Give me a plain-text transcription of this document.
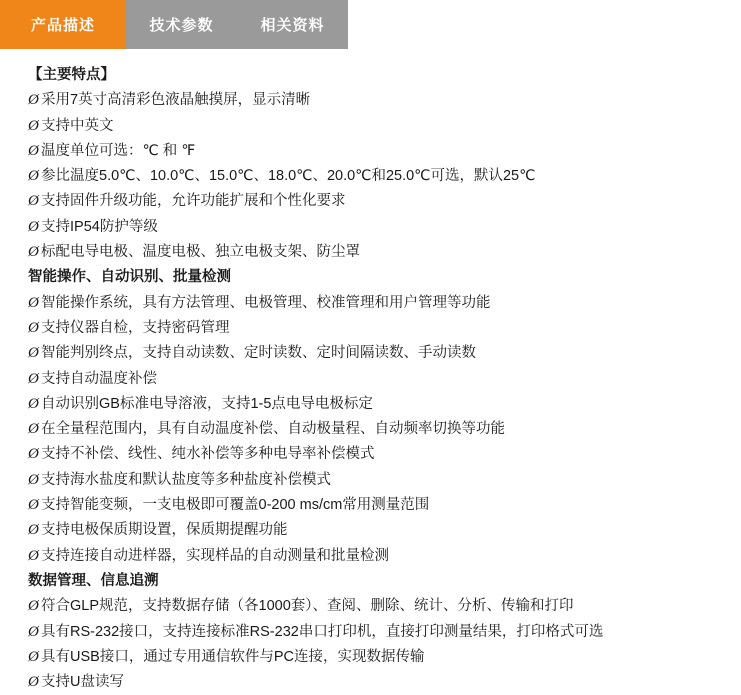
产品描述	技术参数	相关资料
【主要特点】
Ø 采用7英寸高清彩色液晶触摸屏，显示清晰
Ø 支持中英文
Ø 温度单位可选：℃ 和 ℉
Ø 参比温度5.0℃、10.0℃、15.0℃、18.0℃、20.0℃和25.0℃可选，默认25℃
Ø 支持固件升级功能，允许功能扩展和个性化要求
Ø 支持IP54防护等级
Ø 标配电导电极、温度电极、独立电极支架、防尘罩
智能操作、自动识别、批量检测
Ø 智能操作系统，具有方法管理、电极管理、校准管理和用户管理等功能
Ø 支持仪器自检，支持密码管理
Ø 智能判别终点，支持自动读数、定时读数、定时间隔读数、手动读数
Ø 支持自动温度补偿
Ø 自动识别GB标准电导溶液，支持1-5点电导电极标定
Ø 在全量程范围内，具有自动温度补偿、自动极量程、自动频率切换等功能
Ø 支持不补偿、线性、纯水补偿等多种电导率补偿模式
Ø 支持海水盐度和默认盐度等多种盐度补偿模式
Ø 支持智能变频，一支电极即可覆盖0-200 ms/cm常用测量范围
Ø 支持电极保质期设置，保质期提醒功能
Ø 支持连接自动进样器，实现样品的自动测量和批量检测
数据管理、信息追溯
Ø 符合GLP规范，支持数据存储（各1000套）、查阅、删除、统计、分析、传输和打印
Ø 具有RS-232接口，支持连接标准RS-232串口打印机，直接打印测量结果，打印格式可选
Ø 具有USB接口，通过专用通信软件与PC连接，实现数据传输
Ø 支持U盘读写
